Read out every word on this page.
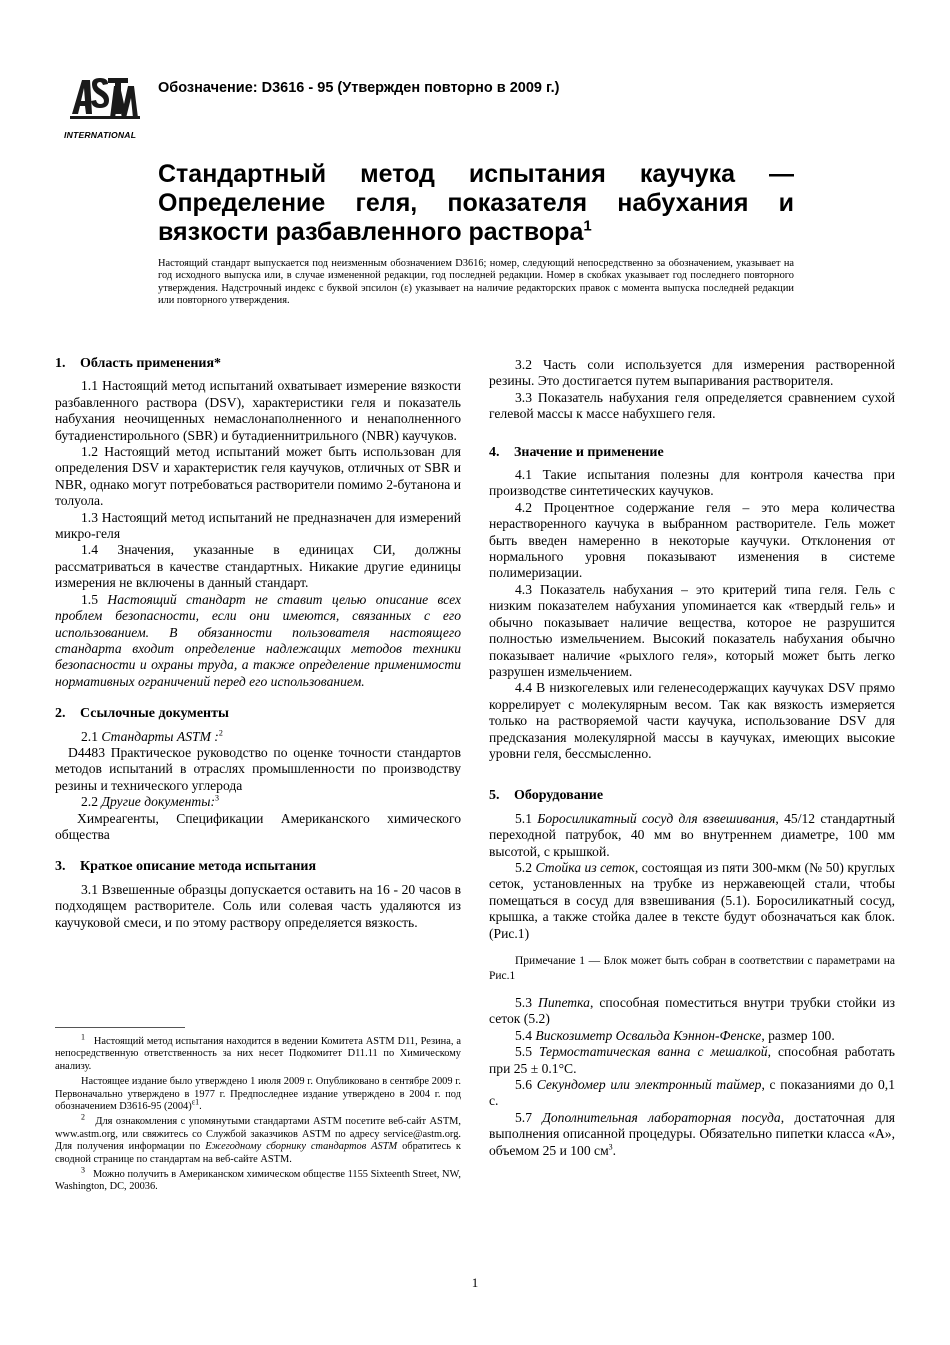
INTERNATIONAL
Обозначение: D3616 - 95 (Утвержден повторно в 2009 г.)
Стандартный метод испытания каучука — Определение геля, показателя набухания и вязкости разбавленного раствора$^1$
Настоящий стандарт выпускается под неизменным обозначением D3616; номер, следующий непосредственно за обозначением, указывает на год исходного выпуска или, в случае измененной редакции, год последней редакции. Номер в скобках указывает год последнего повторного утверждения. Надстрочный индекс с буквой эпсилон (ε) указывает на наличие редакторских правок с момента выпуска последней редакции или повторного утверждения.
1. Область применения*

1.1 Настоящий метод испытаний охватывает измерение вязкости разбавленного раствора (DSV), характеристики геля и показатель набухания неочищенных немаслонаполненного и ненаполненного бутадиенстирольного (SBR) и бутадиеннитрильного (NBR) каучуков.

1.2 Настоящий метод испытаний может быть использован для определения DSV и характеристик геля каучуков, отличных от SBR и NBR, однако могут потребоваться растворители помимо 2-бутанона и толуола.

1.3 Настоящий метод испытаний не предназначен для измерений микро-геля

1.4 Значения, указанные в единицах СИ, должны рассматриваться в качестве стандартных. Никакие другие единицы измерения не включены в данный стандарт.

1.5 Настоящий стандарт не ставит целью описание всех проблем безопасности, если они имеются, связанных с его использованием. В обязанности пользователя настоящего стандарта входит определение надлежащих методов техники безопасности и охраны труда, а также определение применимости нормативных ограничений перед его использованием.

2. Ссылочные документы

2.1 Стандарты ASTM :$^2$

D4483 Практическое руководство по оценке точности стандартов методов испытаний в отраслях промышленности по производству резины и технического углерода

2.2 Другие документы:$^3$

Химреагенты, Спецификации Американского химического общества

3. Краткое описание метода испытания

3.1 Взвешенные образцы допускается оставить на 16 - 20 часов в подходящем растворителе. Соль или солевая часть удаляются из каучуковой смеси, и по этому раствору определяется вязкость.

$^1$ Настоящий метод испытания находится в ведении Комитета ASTM D11, Резина, а непосредственную ответственность за них несет Подкомитет D11.11 по Химическому анализу.

Настоящее издание было утверждено 1 июля 2009 г. Опубликовано в сентябре 2009 г. Первоначально утверждено в 1977 г. Предпоследнее издание утверждено в 2004 г. под обозначением D3616-95 $(2004)^{\varepsilon 1}$.

$^2$ Для ознакомления с упомянутыми стандартами ASTM посетите веб-сайт ASTM, www.astm.org, или свяжитесь со Службой заказчиков ASTM по адресу service@astm.org. Для получения информации по Ежегодному сборнику стандартов ASTM обратитесь к сводной странице по стандартам на веб-сайте ASTM.

$^3$ Можно получить в Американском химическом обществе 1155 Sixteenth Street, NW, Washington, DC, 20036.

3.2 Часть соли используется для измерения растворенной резины. Это достигается путем выпаривания растворителя.

3.3 Показатель набухания геля определяется сравнением сухой гелевой массы к массе набухшего геля.

4. Значение и применение

4.1 Такие испытания полезны для контроля качества при производстве синтетических каучуков.

4.2 Процентное содержание геля – это мера количества нерастворенного каучука в выбранном растворителе. Гель может быть введен намеренно в некоторые каучуки. Отклонения от нормального уровня показывают изменения в системе полимеризации.

4.3 Показатель набухания – это критерий типа геля. Гель с низким показателем набухания упоминается как «твердый гель» и обычно показывает наличие вещества, которое не разрушится полностью измельчением. Высокий показатель набухания обычно показывает наличие «рыхлого геля», который может быть легко разрушен измельчением.

4.4 В низкогелевых или геленесодержащих каучуках DSV прямо коррелирует с молекулярным весом. Так как вязкость измеряется только на растворяемой части каучука, использование DSV для предсказания молекулярной массы в каучуках, имеющих высокие уровни геля, бессмысленно.

5. Оборудование

5.1 Боросиликатный сосуд для взвешивания, 45/12 стандартный переходной патрубок, 40 мм во внутреннем диаметре, 100 мм высотой, с крышкой.

5.2 Стойка из сеток, состоящая из пяти 300-мкм (№ 50) круглых сеток, установленных на трубке из нержавеющей стали, чтобы помещаться в сосуд для взвешивания (5.1). Боросиликатный сосуд, крышка, а также стойка далее в тексте будут обозначаться как блок. (Рис.1)

Примечание 1 — Блок может быть собран в соответствии с параметрами на Рис.1

5.3 Пипетка, способная поместиться внутри трубки стойки из сеток (5.2)

5.4 Вискозиметр Освальда Кэннон-Фенске, размер 100.

5.5 Термостатическая ванна с мешалкой, способная работать при 25 ± 0.1°C.

5.6 Секундомер или электронный таймер, с показаниями до 0,1 с.

5.7 Дополнительная лабораторная посуда, достаточная для выполнения описанной процедуры. Обязательно пипетки класса «А», объемом 25 и 100 $см^3$.

1
